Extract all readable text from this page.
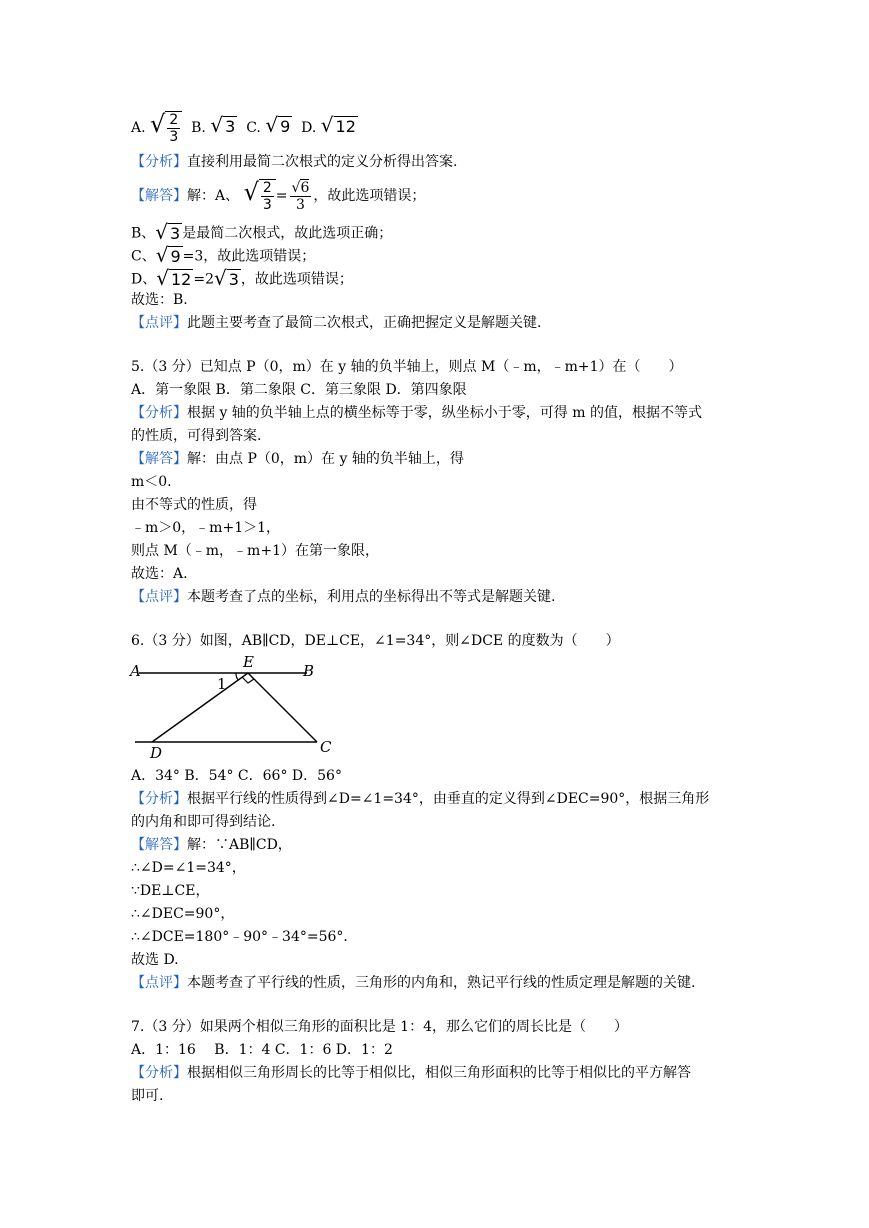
A. √ $\frac{2}{3} B$. √ 3 C. √ 9 D. √ 12
【分析】直接利用最简二次根式的定义分析得出答案.
【解答】解：A、 √ $\frac{2}{3} = \frac{√6}{3}$ ，故此选项错误；
B、√ 3 是最简二次根式，故此选项正确；
C、√ 9 =3，故此选项错误；
D、√ 12 =2√ 3 ，故此选项错误；
故选：B.
【点评】此题主要考查了最简二次根式，正确把握定义是解题关键.
5.（3 分）已知点 P（0，m）在 y 轴的负半轴上，则点 M（﹣m，﹣m+1）在（　　）
A．第一象限 B．第二象限 C．第三象限 D．第四象限
【分析】根据 y 轴的负半轴上点的横坐标等于零，纵坐标小于零，可得 m 的值，根据不等式
的性质，可得到答案.
【解答】解：由点 P（0，m）在 y 轴的负半轴上，得
m＜0.
由不等式的性质，得
﹣m＞0，﹣m+1＞1，
则点 M（﹣m，﹣m+1）在第一象限，
故选：A.
【点评】本题考查了点的坐标，利用点的坐标得出不等式是解题关键.
6.（3 分）如图，AB∥CD，DE⊥CE，∠1=34°，则∠DCE 的度数为（　　）
A	E	B
1
D	C
A．34° B．54° C．66° D．56°
【分析】根据平行线的性质得到∠D=∠1=34°，由垂直的定义得到∠DEC=90°，根据三角形
的内角和即可得到结论.
【解答】解：∵AB∥CD，
∴∠D=∠1=34°，
∵DE⊥CE，
∴∠DEC=90°，
∴∠DCE=180°﹣90°﹣34°=56°．
故选 D.
【点评】本题考查了平行线的性质，三角形的内角和，熟记平行线的性质定理是解题的关键.
7.（3 分）如果两个相似三角形的面积比是 1：4，那么它们的周长比是（　　）
A．1：16　 B．1：4 C．1：6 D．1：2
【分析】根据相似三角形周长的比等于相似比，相似三角形面积的比等于相似比的平方解答
即可.
